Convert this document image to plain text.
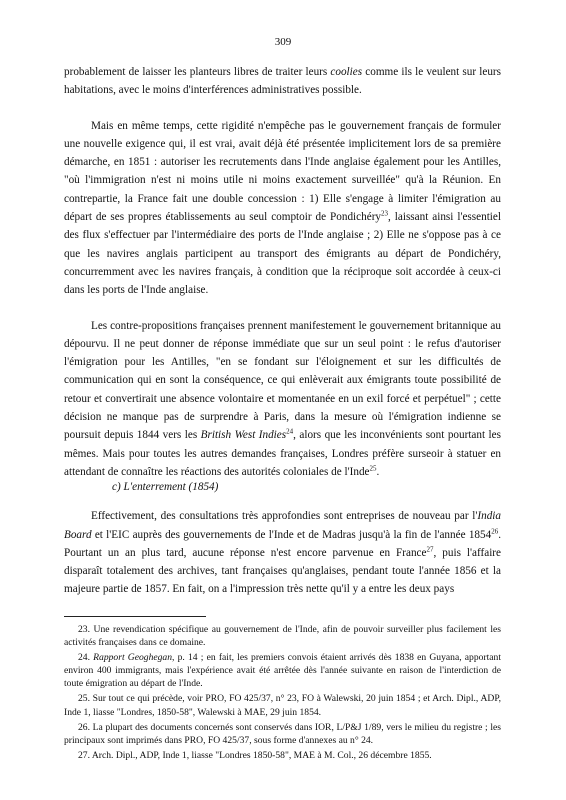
309

probablement de laisser les planteurs libres de traiter leurs coolies comme ils le veulent sur leurs habitations, avec le moins d'interférences administratives possible.

Mais en même temps, cette rigidité n'empêche pas le gouvernement français de formuler une nouvelle exigence qui, il est vrai, avait déjà été présentée implicitement lors de sa première démarche, en 1851 : autoriser les recrutements dans l'Inde anglaise également pour les Antilles, "où l'immigration n'est ni moins utile ni moins exactement surveillée" qu'à la Réunion. En contrepartie, la France fait une double concession : 1) Elle s'engage à limiter l'émigration au départ de ses propres établissements au seul comptoir de Pondichéry$^{23}$, laissant ainsi l'essentiel des flux s'effectuer par l'intermédiaire des ports de l'Inde anglaise ; 2) Elle ne s'oppose pas à ce que les navires anglais participent au transport des émigrants au départ de Pondichéry, concurremment avec les navires français, à condition que la réciproque soit accordée à ceux-ci dans les ports de l'Inde anglaise.

Les contre-propositions françaises prennent manifestement le gouvernement britannique au dépourvu. Il ne peut donner de réponse immédiate que sur un seul point : le refus d'autoriser l'émigration pour les Antilles, "en se fondant sur l'éloignement et sur les difficultés de communication qui en sont la conséquence, ce qui enlèverait aux émigrants toute possibilité de retour et convertirait une absence volontaire et momentanée en un exil forcé et perpétuel" ; cette décision ne manque pas de surprendre à Paris, dans la mesure où l'émigration indienne se poursuit depuis 1844 vers les British West Indies$^{24}$, alors que les inconvénients sont pourtant les mêmes. Mais pour toutes les autres demandes françaises, Londres préfère surseoir à statuer en attendant de connaître les réactions des autorités coloniales de l'Inde$^{25}$.

c) L'enterrement (1854)

Effectivement, des consultations très approfondies sont entreprises de nouveau par l'India Board et l'EIC auprès des gouvernements de l'Inde et de Madras jusqu'à la fin de l'année 1854$^{26}$. Pourtant un an plus tard, aucune réponse n'est encore parvenue en France$^{27}$, puis l'affaire disparaît totalement des archives, tant françaises qu'anglaises, pendant toute l'année 1856 et la majeure partie de 1857. En fait, on a l'impression très nette qu'il y a entre les deux pays

23. Une revendication spécifique au gouvernement de l'Inde, afin de pouvoir surveiller plus facilement les activités françaises dans ce domaine.

24. Rapport Geoghegan, p. 14 ; en fait, les premiers convois étaient arrivés dès 1838 en Guyana, apportant environ 400 immigrants, mais l'expérience avait été arrêtée dès l'année suivante en raison de l'interdiction de toute émigration au départ de l'Inde.

25. Sur tout ce qui précède, voir PRO, FO 425/37, n° 23, FO à Walewski, 20 juin 1854 ; et Arch. Dipl., ADP, Inde 1, liasse "Londres, 1850-58", Walewski à MAE, 29 juin 1854.

26. La plupart des documents concernés sont conservés dans IOR, L/P&J 1/89, vers le milieu du registre ; les principaux sont imprimés dans PRO, FO 425/37, sous forme d'annexes au n° 24.

27. Arch. Dipl., ADP, Inde 1, liasse "Londres 1850-58", MAE à M. Col., 26 décembre 1855.
